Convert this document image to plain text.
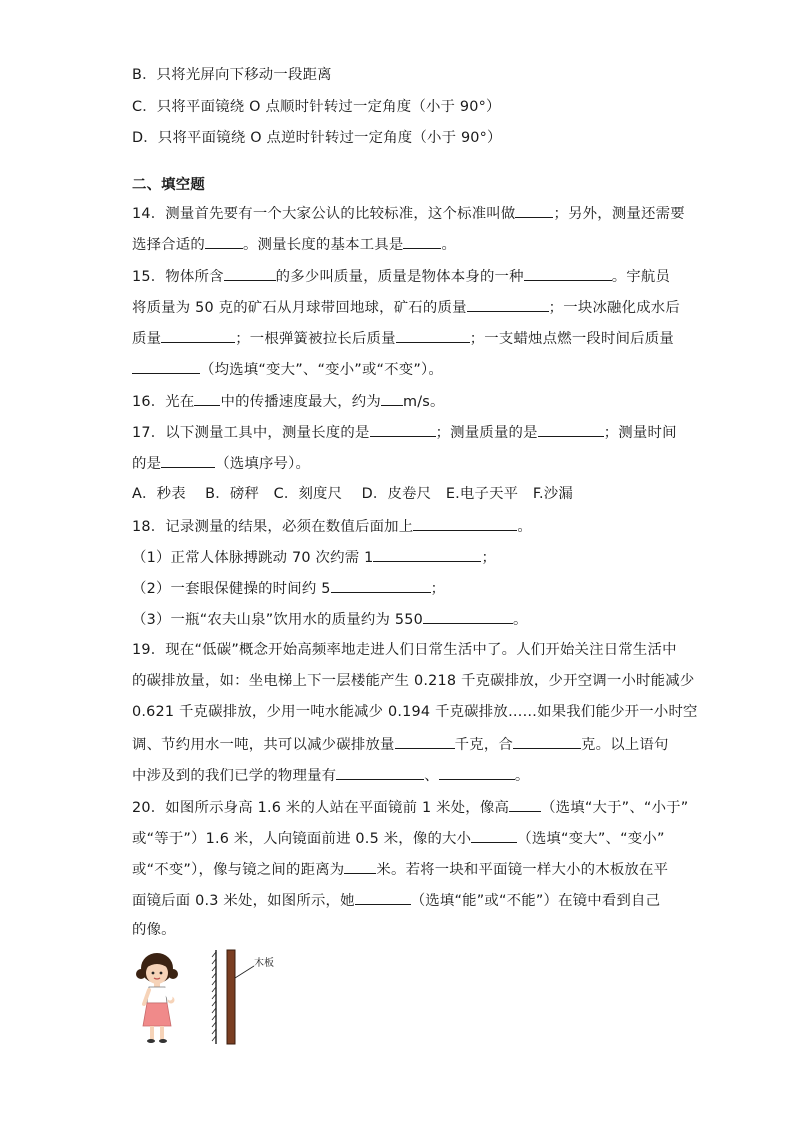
B．只将光屏向下移动一段距离
C．只将平面镜绕 O 点顺时针转过一定角度（小于 90°）
D．只将平面镜绕 O 点逆时针转过一定角度（小于 90°）
二、填空题
14．测量首先要有一个大家公认的比较标准，这个标准叫做	；另外，测量还需要
选择合适的	。测量长度的基本工具是	。
15．物体所含	的多少叫质量，质量是物体本身的一种	。宇航员
将质量为 50 克的矿石从月球带回地球，矿石的质量	；一块冰融化成水后
质量	；一根弹簧被拉长后质量	；一支蜡烛点燃一段时间后质量
（均选填“变大”、“变小”或“不变”）。
16．光在 中的传播速度最大，约为 m/s。
17．以下测量工具中，测量长度的是	；测量质量的是	；测量时间
的是	（选填序号）。
A．秒表　 B．磅秤　C．刻度尺　 D．皮卷尺　E.电子天平　F.沙漏
18．记录测量的结果，必须在数值后面加上	。
（1）正常人体脉搏跳动 70 次约需 1	；
（2）一套眼保健操的时间约 5	；
（3）一瓶“农夫山泉”饮用水的质量约为 550	。
19．现在“低碳”概念开始高频率地走进人们日常生活中了。人们开始关注日常生活中
的碳排放量，如：坐电梯上下一层楼能产生 0.218 千克碳排放，少开空调一小时能减少
0.621 千克碳排放，少用一吨水能减少 0.194 千克碳排放……如果我们能少开一小时空
调、节约用水一吨，共可以减少碳排放量	千克，合	克。以上语句
中涉及到的我们已学的物理量有	、	。
20．如图所示身高 1.6 米的人站在平面镜前 1 米处，像高 （选填“大于”、“小于”
或“等于”）1.6 米，人向镜面前进 0.5 米，像的大小	（选填“变大”、“变小”
或“不变”），像与镜之间的距离为 米。若将一块和平面镜一样大小的木板放在平
面镜后面 0.3 米处，如图所示，她	（选填“能”或“不能”）在镜中看到自己
的像。
木板
